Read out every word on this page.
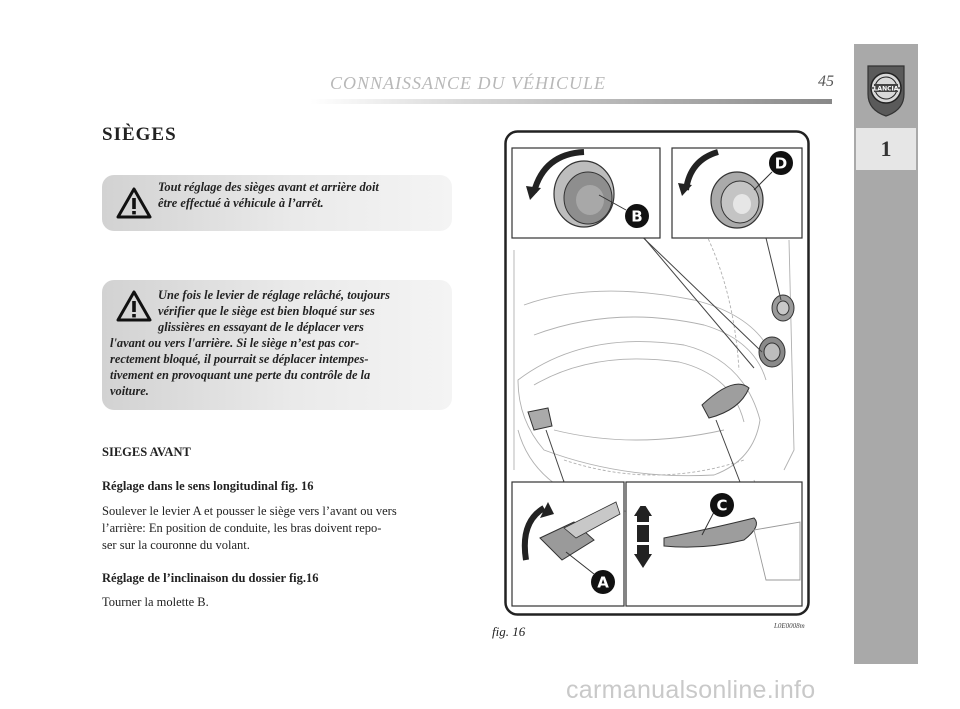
CONNAISSANCE DU VÉHICULE	45	LANCIA
1
SIÈGES
Tout réglage des sièges avant et arrière doit
être effectué à véhicule à l’arrêt.
Une fois le levier de réglage relâché, toujours
vérifier que le siège est bien bloqué sur ses
glissières en essayant de le déplacer vers
l'avant ou vers l'arrière. Si le siège n’est pas cor-
rectement bloqué, il pourrait se déplacer intempes-
tivement en provoquant une perte du contrôle de la
voiture.
SIEGES AVANT
Réglage dans le sens longitudinal fig. 16
Soulever le levier A et pousser le siège vers l’avant ou vers
l’arrière: En position de conduite, les bras doivent repo-
ser sur la couronne du volant.
Réglage de l’inclinaison du dossier fig.16
Tourner la molette B.
B
D
A
C
fig. 16	L0E0008m
carmanualsonline.info
